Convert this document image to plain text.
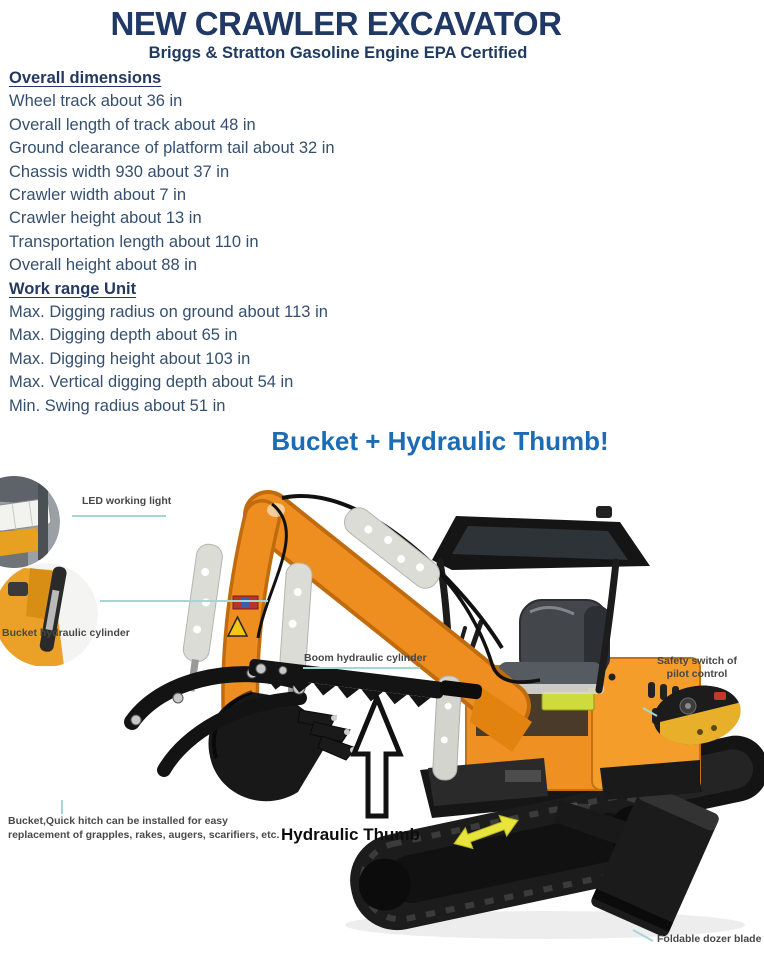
NEW CRAWLER EXCAVATOR
Briggs & Stratton Gasoline Engine EPA Certified
Overall dimensions
Wheel track about 36 in
Overall length of track about 48 in
Ground clearance of platform tail about 32 in
Chassis width 930 about 37 in
Crawler width about 7 in
Crawler height about 13 in
Transportation length about 110 in
Overall height about 88 in
Work range Unit
Max. Digging radius on ground about 113 in
Max. Digging depth about 65 in
Max. Digging height about 103 in
Max. Vertical digging depth about 54 in
Min. Swing radius about 51 in
Bucket + Hydraulic Thumb!
LED working light
Bucket hydraulic cylinder
Boom hydraulic cylinder	Safety switch of
pilot control
Bucket,Quick hitch can be installed for easy
replacement of grapples, rakes, augers, scarifiers, etc. Hydraulic Thumb
Foldable dozer blade
